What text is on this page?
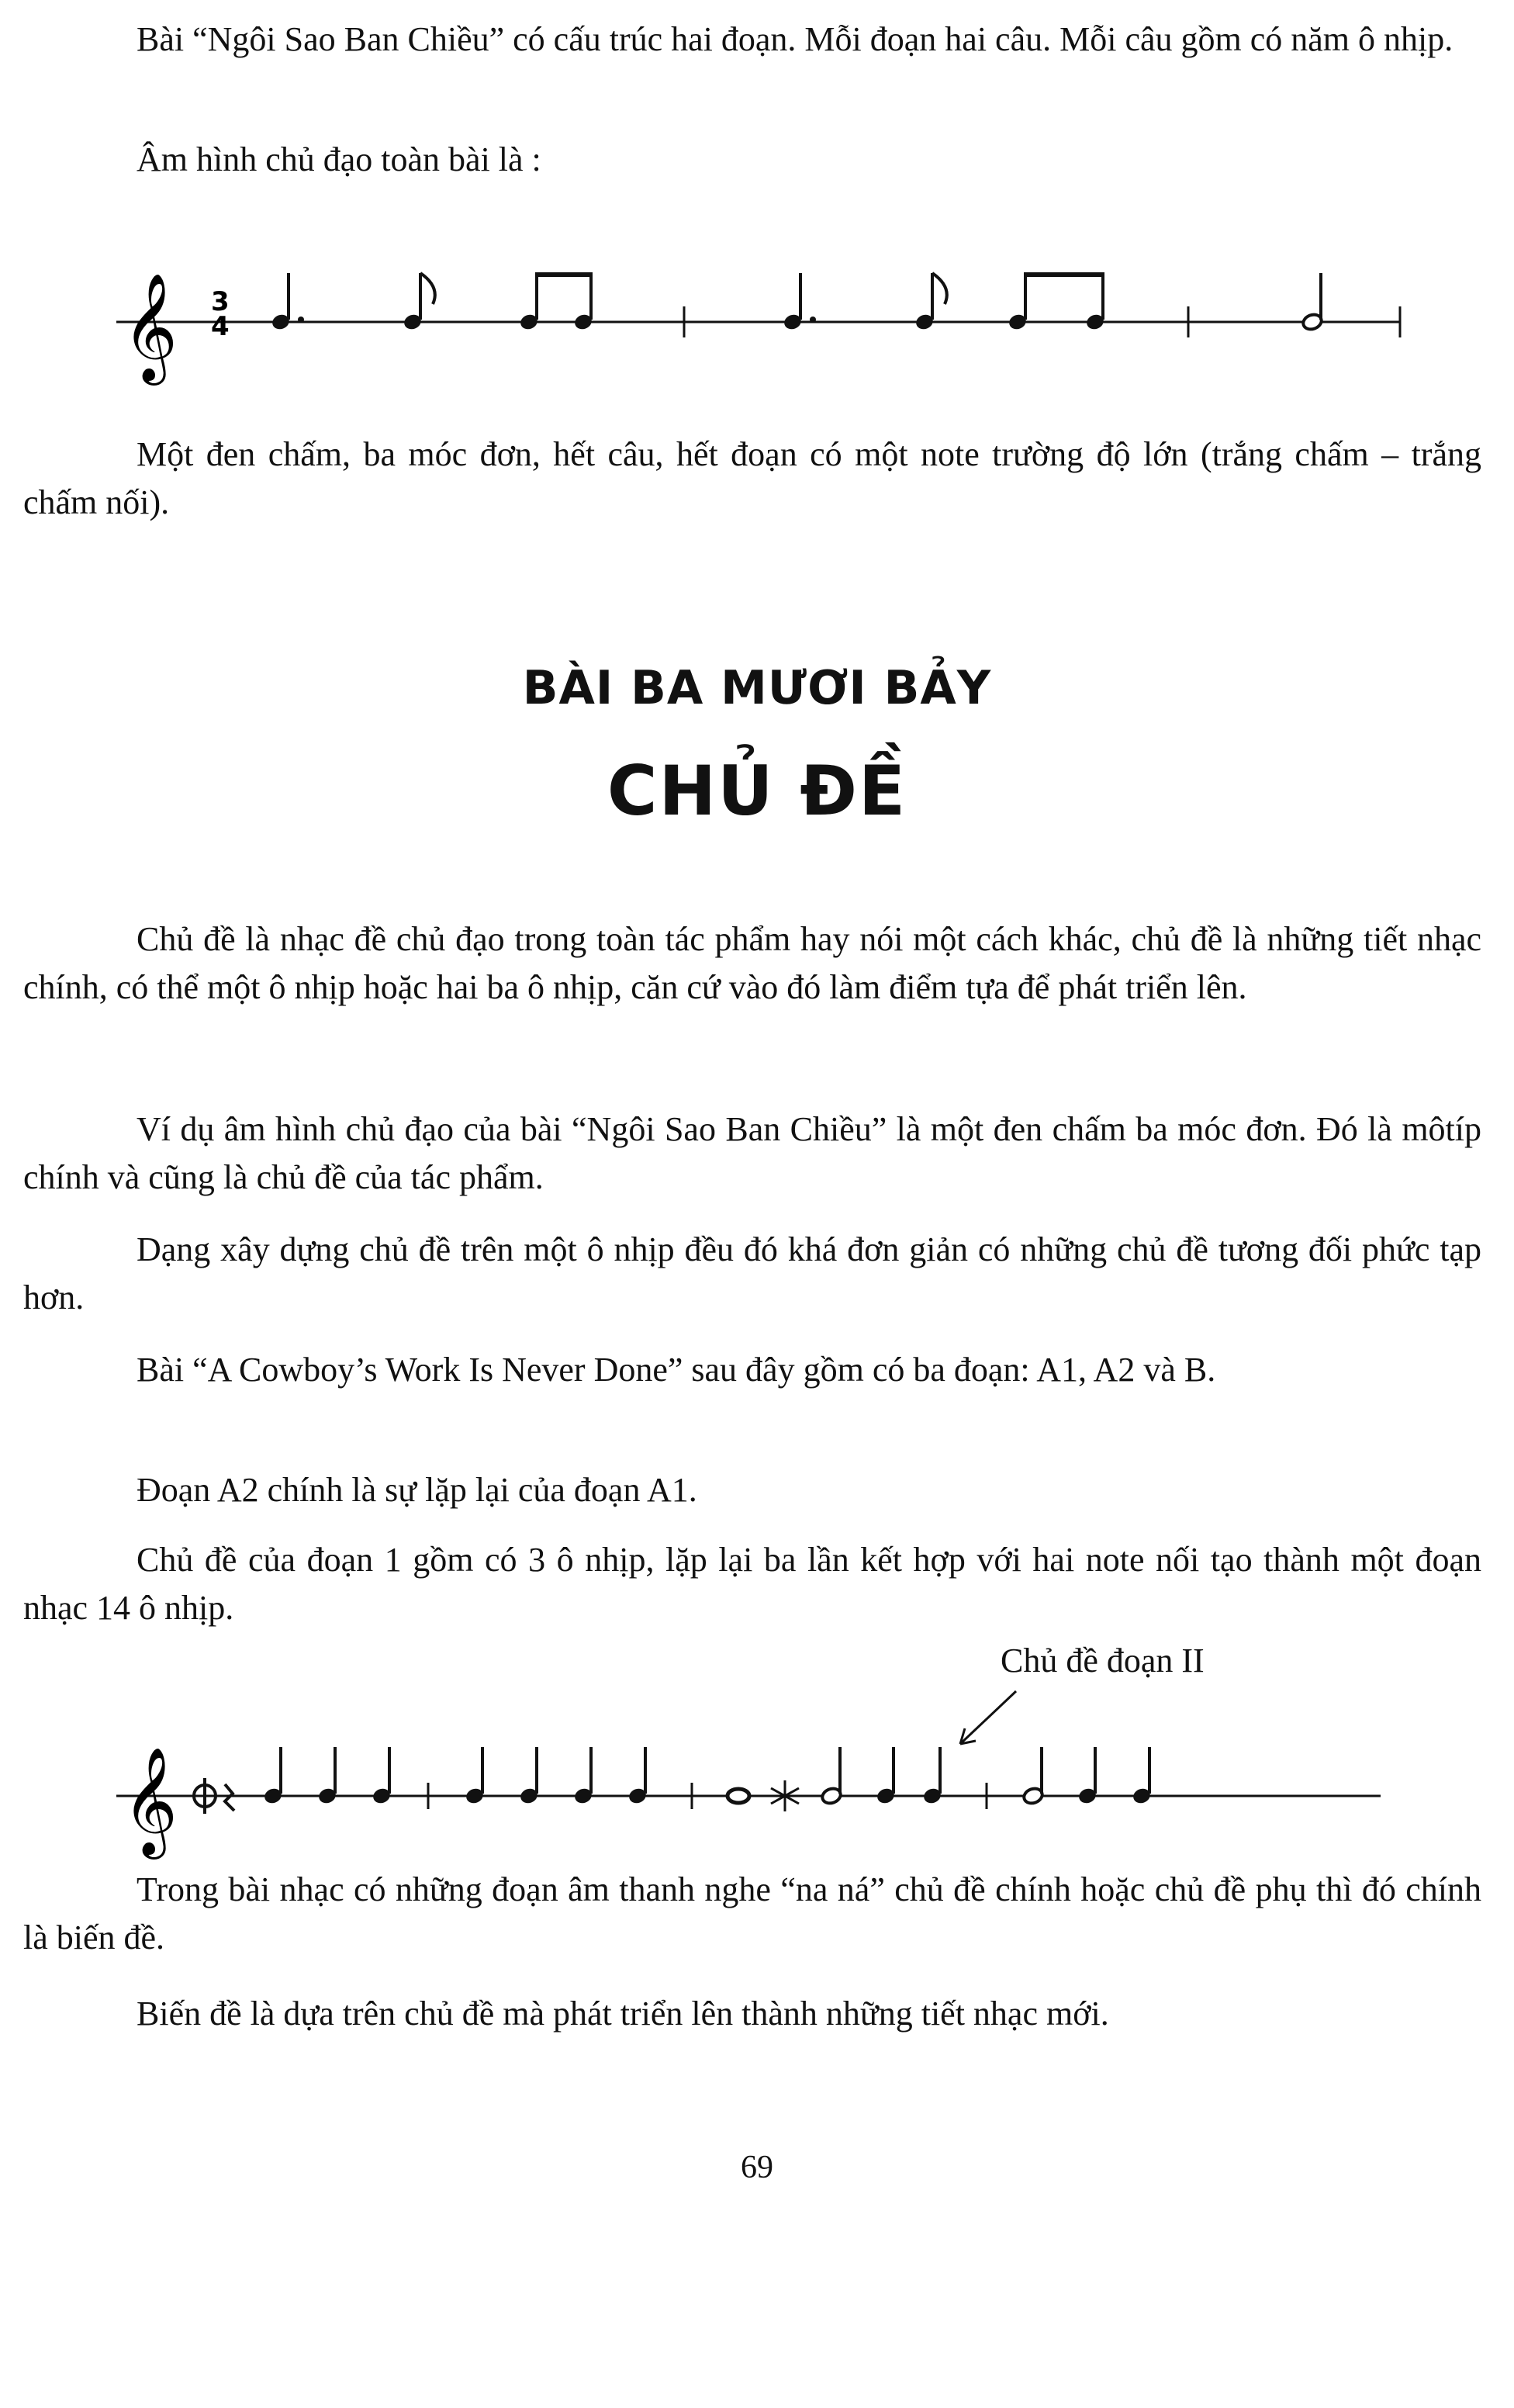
Bài “Ngôi Sao Ban Chiều” có cấu trúc hai đoạn. Mỗi đoạn hai câu. Mỗi câu gồm có năm ô nhịp.

Âm hình chủ đạo toàn bài là :

𝄞 3
4

Một đen chấm, ba móc đơn, hết câu, hết đoạn có một note trường độ lớn (trắng chấm – trắng chấm nối).

BÀI BA MƯƠI BẢY
CHỦ ĐỀ

Chủ đề là nhạc đề chủ đạo trong toàn tác phẩm hay nói một cách khác, chủ đề là những tiết nhạc chính, có thể một ô nhịp hoặc hai ba ô nhịp, căn cứ vào đó làm điểm tựa để phát triển lên.

Ví dụ âm hình chủ đạo của bài “Ngôi Sao Ban Chiều” là một đen chấm ba móc đơn. Đó là môtíp chính và cũng là chủ đề của tác phẩm.

Dạng xây dựng chủ đề trên một ô nhịp đều đó khá đơn giản có những chủ đề tương đối phức tạp hơn.

Bài “A Cowboy’s Work Is Never Done” sau đây gồm có ba đoạn: A1, A2 và B.

Đoạn A2 chính là sự lặp lại của đoạn A1.

Chủ đề của đoạn 1 gồm có 3 ô nhịp, lặp lại ba lần kết hợp với hai note nối tạo thành một đoạn nhạc 14 ô nhịp.

Chủ đề đoạn II

𝄞

Trong bài nhạc có những đoạn âm thanh nghe “na ná” chủ đề chính hoặc chủ đề phụ thì đó chính là biến đề.

Biến đề là dựa trên chủ đề mà phát triển lên thành những tiết nhạc mới.

69
